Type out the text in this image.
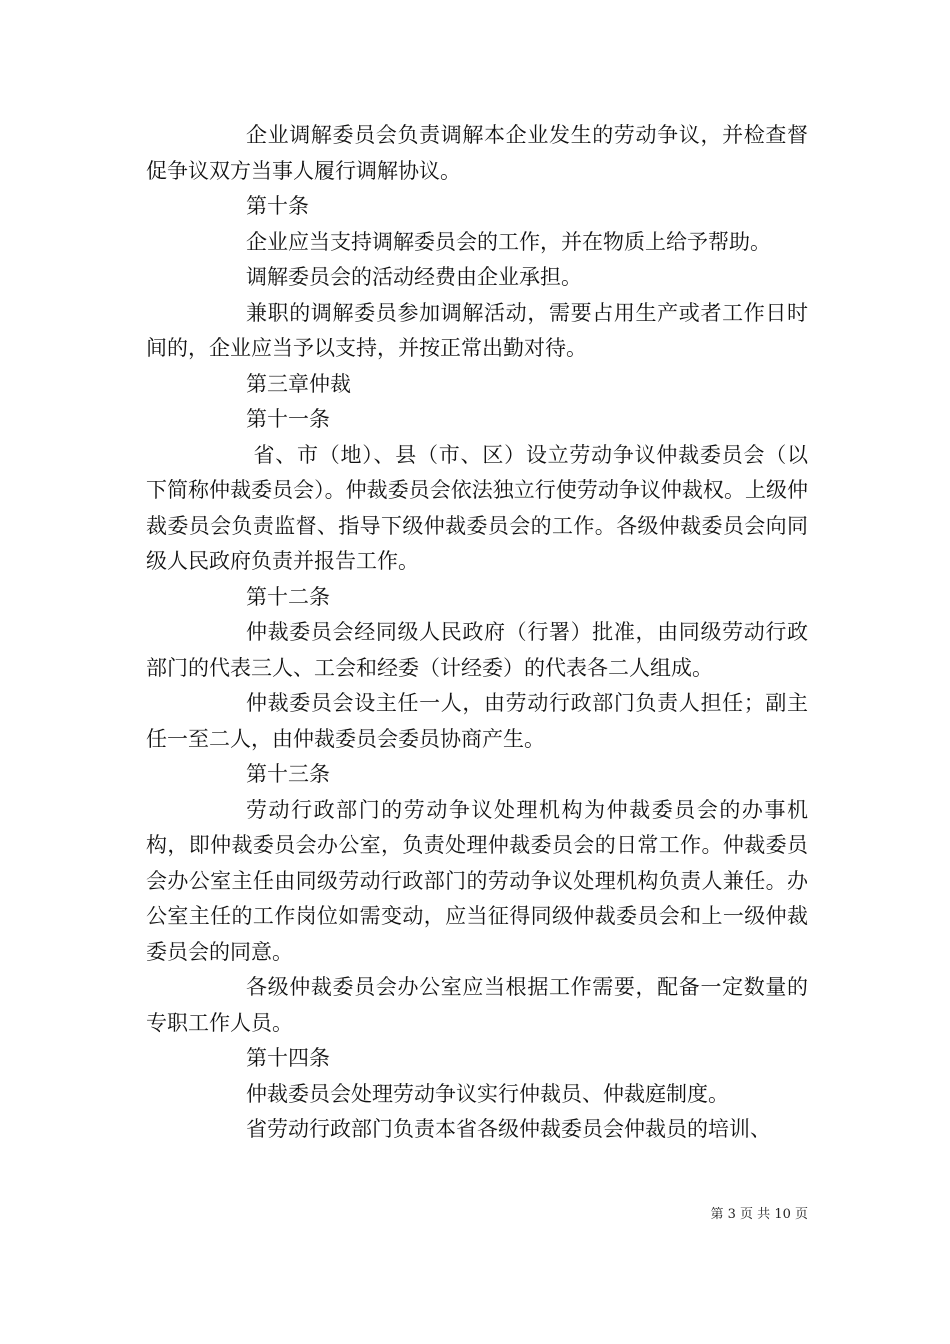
企业调解委员会负责调解本企业发生的劳动争议，并检查督促争议双方当事人履行调解协议。

第十条

企业应当支持调解委员会的工作，并在物质上给予帮助。

调解委员会的活动经费由企业承担。

兼职的调解委员参加调解活动，需要占用生产或者工作日时间的，企业应当予以支持，并按正常出勤对待。

第三章仲裁

第十一条

省、市（地）、县（市、区）设立劳动争议仲裁委员会（以下简称仲裁委员会）。仲裁委员会依法独立行使劳动争议仲裁权。上级仲裁委员会负责监督、指导下级仲裁委员会的工作。各级仲裁委员会向同级人民政府负责并报告工作。

第十二条

仲裁委员会经同级人民政府（行署）批准，由同级劳动行政部门的代表三人、工会和经委（计经委）的代表各二人组成。

仲裁委员会设主任一人，由劳动行政部门负责人担任；副主任一至二人，由仲裁委员会委员协商产生。

第十三条

劳动行政部门的劳动争议处理机构为仲裁委员会的办事机构，即仲裁委员会办公室，负责处理仲裁委员会的日常工作。仲裁委员会办公室主任由同级劳动行政部门的劳动争议处理机构负责人兼任。办公室主任的工作岗位如需变动，应当征得同级仲裁委员会和上一级仲裁委员会的同意。

各级仲裁委员会办公室应当根据工作需要，配备一定数量的专职工作人员。

第十四条

仲裁委员会处理劳动争议实行仲裁员、仲裁庭制度。

省劳动行政部门负责本省各级仲裁委员会仲裁员的培训、

第 3 页 共 10 页
